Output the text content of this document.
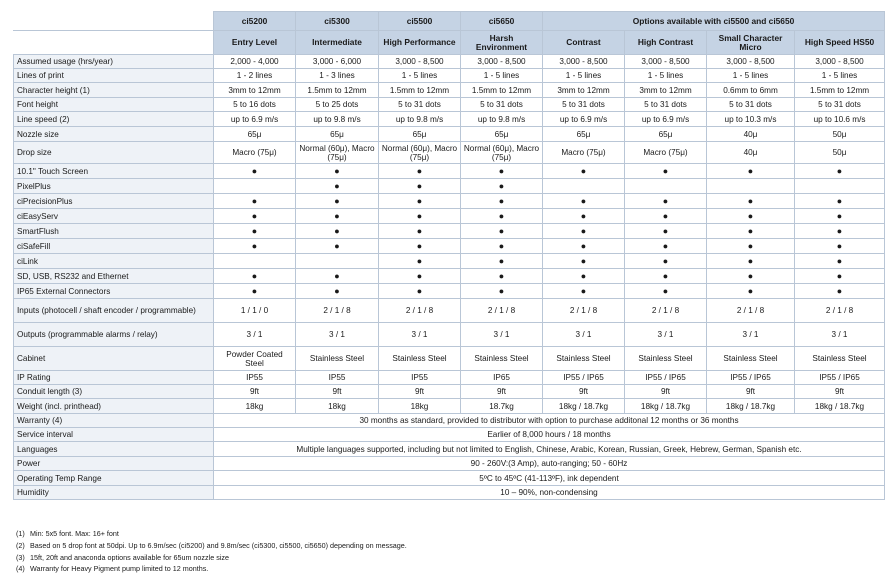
	ci5200	ci5300	ci5500	ci5650	Options available with ci5500 and ci5650			
	Entry Level	Intermediate	High Performance	Harsh Environment	Contrast	High Contrast	Small Character Micro	High Speed HS50
Assumed usage (hrs/year)	2,000 - 4,000	3,000 - 6,000	3,000 - 8,500	3,000 - 8,500	3,000 - 8,500	3,000 - 8,500	3,000 - 8,500	3,000 - 8,500
Lines of print	1 - 2 lines	1 - 3 lines	1 - 5 lines	1 - 5 lines	1 - 5 lines	1 - 5 lines	1 - 5 lines	1 - 5 lines
Character height (1)	3mm to 12mm	1.5mm to 12mm	1.5mm to 12mm	1.5mm to 12mm	3mm to 12mm	3mm to 12mm	0.6mm to 6mm	1.5mm to 12mm
Font height	5 to 16 dots	5 to 25 dots	5 to 31 dots	5 to 31 dots	5 to 31 dots	5 to 31 dots	5 to 31 dots	5 to 31 dots
Line speed (2)	up to 6.9 m/s	up to 9.8 m/s	up to 9.8 m/s	up to 9.8 m/s	up to 6.9 m/s	up to 6.9 m/s	up to 10.3 m/s	up to 10.6 m/s
Nozzle size	65μ	65μ	65μ	65μ	65μ	65μ	40μ	50μ
Drop size	Macro (75μ)	Normal (60μ), Macro (75μ)	Normal (60μ), Macro (75μ)	Normal (60μ), Macro (75μ)	Macro (75μ)	Macro (75μ)	40μ	50μ
10.1" Touch Screen	●	●	●	●	●	●	●	●
PixelPlus		●	●	●				
ciPrecisionPlus	●	●	●	●	●	●	●	●
ciEasyServ	●	●	●	●	●	●	●	●
SmartFlush	●	●	●	●	●	●	●	●
ciSafeFill	●	●	●	●	●	●	●	●
ciLink			●	●	●	●	●	●
SD, USB, RS232 and Ethernet	●	●	●	●	●	●	●	●
IP65 External Connectors	●	●	●	●	●	●	●	●
Inputs (photocell / shaft encoder / programmable)	1 / 1 / 0	2 / 1 / 8	2 / 1 / 8	2 / 1 / 8	2 / 1 / 8	2 / 1 / 8	2 / 1 / 8	2 / 1 / 8
Outputs (programmable alarms / relay)	3 / 1	3 / 1	3 / 1	3 / 1	3 / 1	3 / 1	3 / 1	3 / 1
Cabinet	Powder Coated Steel	Stainless Steel	Stainless Steel	Stainless Steel	Stainless Steel	Stainless Steel	Stainless Steel	Stainless Steel
IP Rating	IP55	IP55	IP55	IP65	IP55 / IP65	IP55 / IP65	IP55 / IP65	IP55 / IP65
Conduit length (3)	9ft	9ft	9ft	9ft	9ft	9ft	9ft	9ft
Weight (incl. printhead)	18kg	18kg	18kg	18.7kg	18kg / 18.7kg	18kg / 18.7kg	18kg / 18.7kg	18kg / 18.7kg
Warranty (4)	30 months as standard, provided to distributor with option to purchase additonal 12 months or 36 months							
Service interval	Earlier of 8,000 hours / 18 months							
Languages	Multiple languages supported, including but not limited to English, Chinese, Arabic, Korean, Russian, Greek, Hebrew, German, Spanish etc.							
Power	90 - 260V:(3 Amp), auto-ranging; 50 - 60Hz							
Operating Temp Range	5ºC to 45ºC (41-113ºF), ink dependent							
Humidity	10 – 90%, non-condensing							
(1) Min: 5x5 font. Max: 16+ font
(2) Based on 5 drop font at 50dpi. Up to 6.9m/sec (ci5200) and 9.8m/sec (ci5300, ci5500, ci5650) depending on message.
(3) 15ft, 20ft and anaconda options available for 65um nozzle size
(4) Warranty for Heavy Pigment pump limited to 12 months.
